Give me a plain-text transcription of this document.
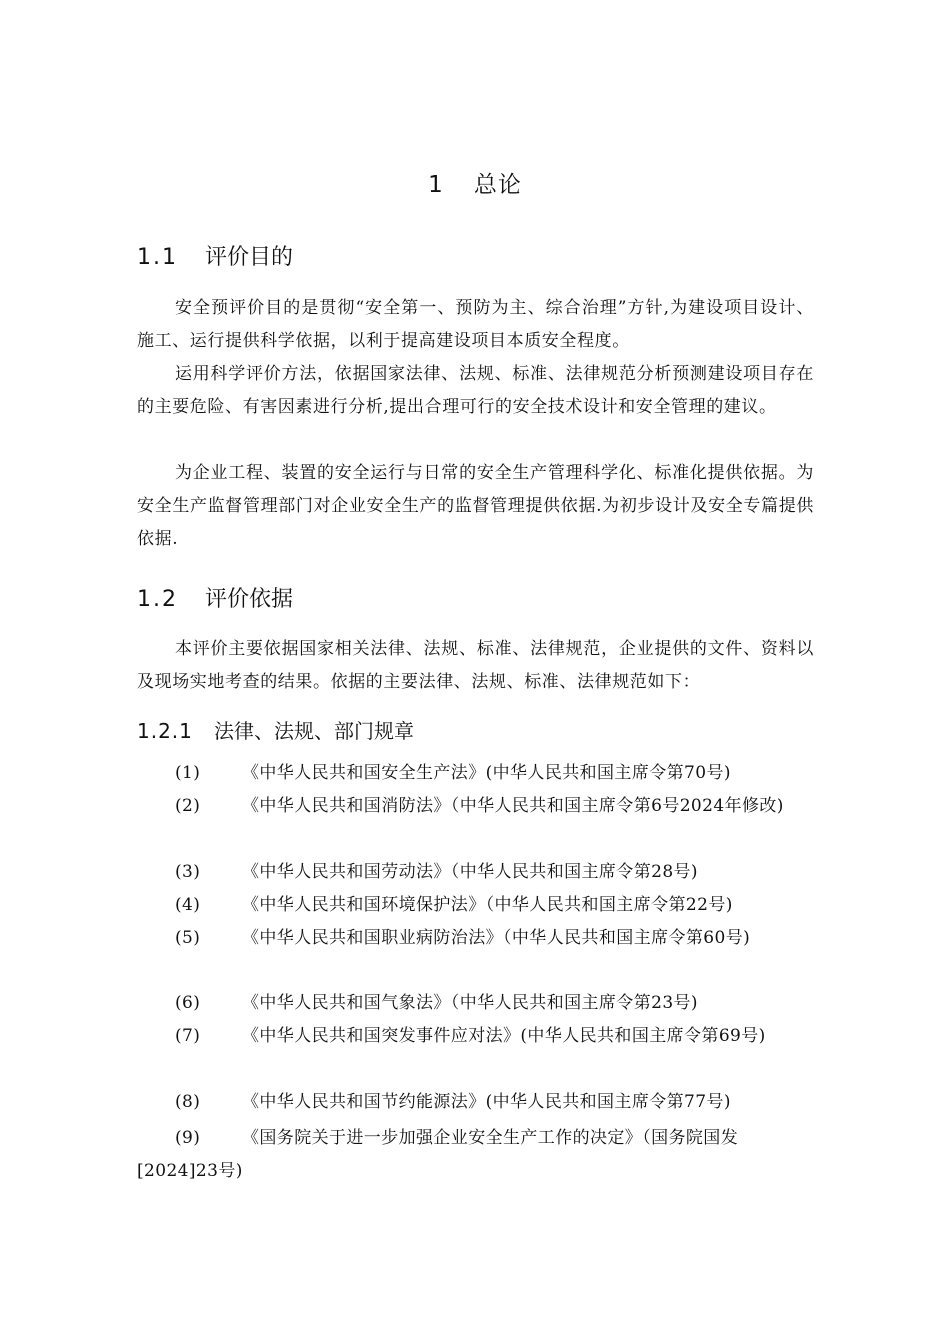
1 总论
1.1 评价目的

安全预评价目的是贯彻“安全第一、预防为主、综合治理”方针,为建设项目设计、施工、运行提供科学依据，以利于提高建设项目本质安全程度。

运用科学评价方法，依据国家法律、法规、标准、法律规范分析预测建设项目存在的主要危险、有害因素进行分析,提出合理可行的安全技术设计和安全管理的建议。

为企业工程、装置的安全运行与日常的安全生产管理科学化、标准化提供依据。为安全生产监督管理部门对企业安全生产的监督管理提供依据.为初步设计及安全专篇提供依据.

1.2 评价依据

本评价主要依据国家相关法律、法规、标准、法律规范，企业提供的文件、资料以及现场实地考查的结果。依据的主要法律、法规、标准、法律规范如下：

1.2.1 法律、法规、部门规章

(1) 《中华人民共和国安全生产法》(中华人民共和国主席令第70号)

(2) 《中华人民共和国消防法》（中华人民共和国主席令第6号2024年修改)

(3) 《中华人民共和国劳动法》（中华人民共和国主席令第28号)

(4) 《中华人民共和国环境保护法》（中华人民共和国主席令第22号)

(5) 《中华人民共和国职业病防治法》（中华人民共和国主席令第60号)

(6) 《中华人民共和国气象法》（中华人民共和国主席令第23号)

(7) 《中华人民共和国突发事件应对法》(中华人民共和国主席令第69号)

(8) 《中华人民共和国节约能源法》(中华人民共和国主席令第77号)

(9) 《国务院关于进一步加强企业安全生产工作的决定》（国务院国发[2024]23号)
